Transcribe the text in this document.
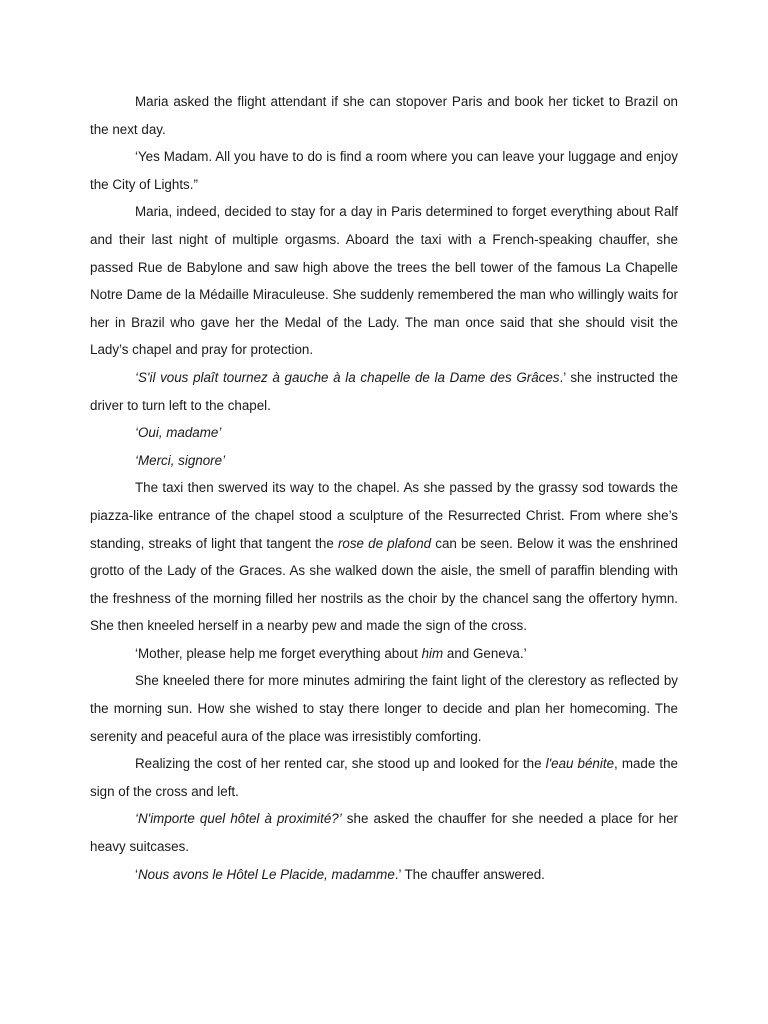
Maria asked the flight attendant if she can stopover Paris and book her ticket to Brazil on the next day.

‘Yes Madam. All you have to do is find a room where you can leave your luggage and enjoy the City of Lights.”

Maria, indeed, decided to stay for a day in Paris determined to forget everything about Ralf and their last night of multiple orgasms. Aboard the taxi with a French-speaking chauffer, she passed Rue de Babylone and saw high above the trees the bell tower of the famous La Chapelle Notre Dame de la Médaille Miraculeuse. She suddenly remembered the man who willingly waits for her in Brazil who gave her the Medal of the Lady. The man once said that she should visit the Lady’s chapel and pray for protection.

‘S'il vous plaît tournez à gauche à la chapelle de la Dame des Grâces.’ she instructed the driver to turn left to the chapel.

‘Oui, madame’

‘Merci, signore’

The taxi then swerved its way to the chapel. As she passed by the grassy sod towards the piazza-like entrance of the chapel stood a sculpture of the Resurrected Christ. From where she’s standing, streaks of light that tangent the rose de plafond can be seen. Below it was the enshrined grotto of the Lady of the Graces. As she walked down the aisle, the smell of paraffin blending with the freshness of the morning filled her nostrils as the choir by the chancel sang the offertory hymn. She then kneeled herself in a nearby pew and made the sign of the cross.

‘Mother, please help me forget everything about him and Geneva.’

She kneeled there for more minutes admiring the faint light of the clerestory as reflected by the morning sun. How she wished to stay there longer to decide and plan her homecoming. The serenity and peaceful aura of the place was irresistibly comforting.

Realizing the cost of her rented car, she stood up and looked for the l'eau bénite, made the sign of the cross and left.

‘N'importe quel hôtel à proximité?’ she asked the chauffer for she needed a place for her heavy suitcases.

‘Nous avons le Hôtel Le Placide, madamme.’ The chauffer answered.
